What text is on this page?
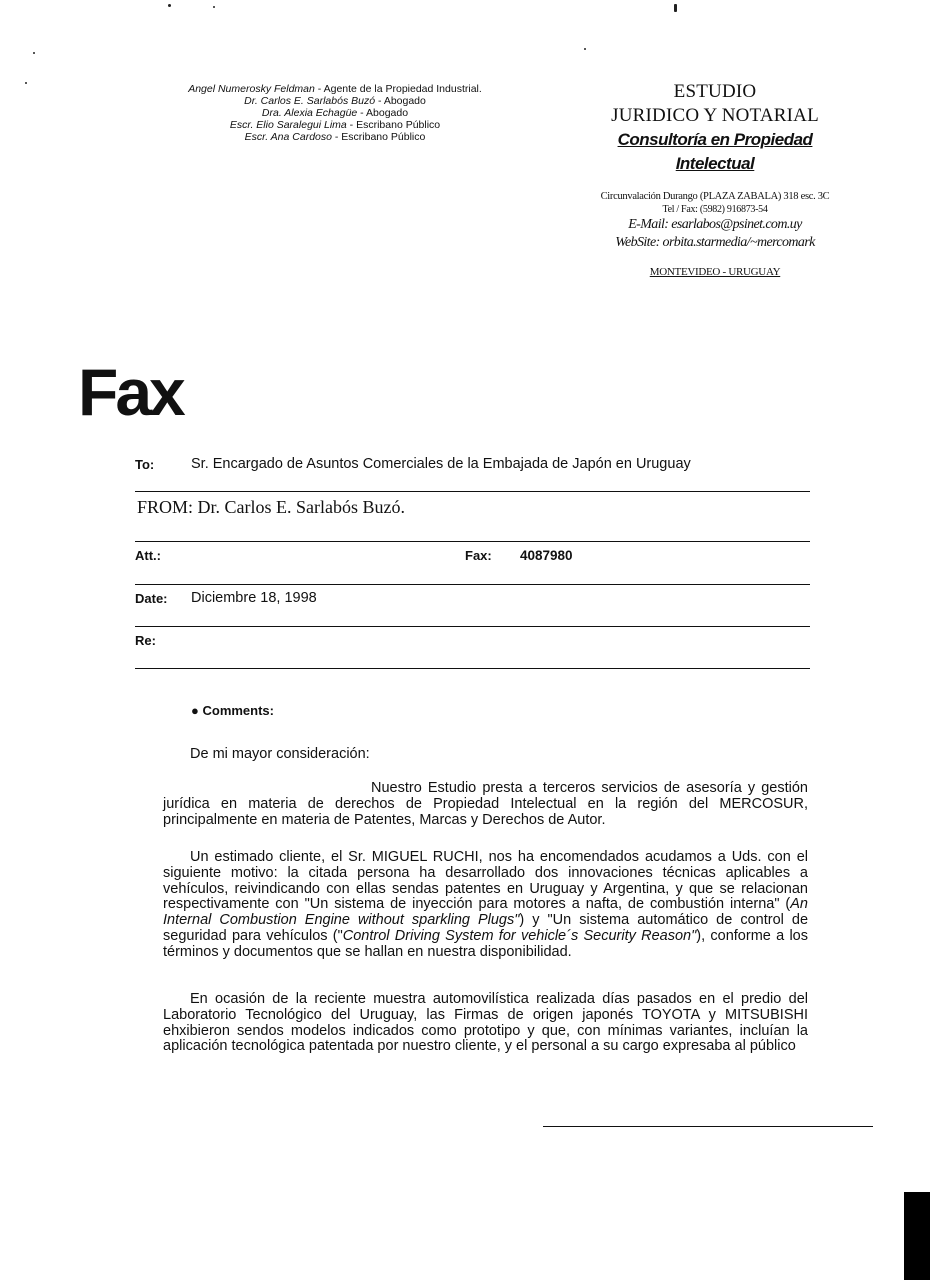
Angel Numerosky Feldman - Agente de la Propiedad Industrial.
Dr. Carlos E. Sarlabós Buzó - Abogado
Dra. Alexia Echagüe - Abogado
Escr. Elio Saralegui Lima - Escribano Público
Escr. Ana Cardoso - Escribano Público
ESTUDIO
JURIDICO Y NOTARIAL
Consultoría en Propiedad
Intelectual
Circunvalación Durango (PLAZA ZABALA) 318 esc. 3C
Tel / Fax: (5982) 916873-54
E-Mail: esarlabos@psinet.com.uy
WebSite: orbita.starmedia/~mercomark
MONTEVIDEO - URUGUAY
Fax
To:	Sr. Encargado de Asuntos Comerciales de la Embajada de Japón en Uruguay
FROM: Dr. Carlos E. Sarlabós Buzó.
Att.:	Fax: 4087980
Date: Diciembre 18, 1998
Re:
● Comments:
De mi mayor consideración:
Nuestro Estudio presta a terceros servicios de asesoría y gestión jurídica en materia de derechos de Propiedad Intelectual en la región del MERCOSUR, principalmente en materia de Patentes, Marcas y Derechos de Autor.
Un estimado cliente, el Sr. MIGUEL RUCHI, nos ha encomendados acudamos a Uds. con el siguiente motivo: la citada persona ha desarrollado dos innovaciones técnicas aplicables a vehículos, reivindicando con ellas sendas patentes en Uruguay y Argentina, y que se relacionan respectivamente con "Un sistema de inyección para motores a nafta, de combustión interna" (An Internal Combustion Engine without sparkling Plugs") y "Un sistema automático de control de seguridad para vehículos ("Control Driving System for vehicle´s Security Reason"), conforme a los términos y documentos que se hallan en nuestra disponibilidad.
En ocasión de la reciente muestra automovilística realizada días pasados en el predio del Laboratorio Tecnológico del Uruguay, las Firmas de origen japonés TOYOTA y MITSUBISHI ehxibieron sendos modelos indicados como prototipo y que, con mínimas variantes, incluían la aplicación tecnológica patentada por nuestro cliente, y el personal a su cargo expresaba al público
